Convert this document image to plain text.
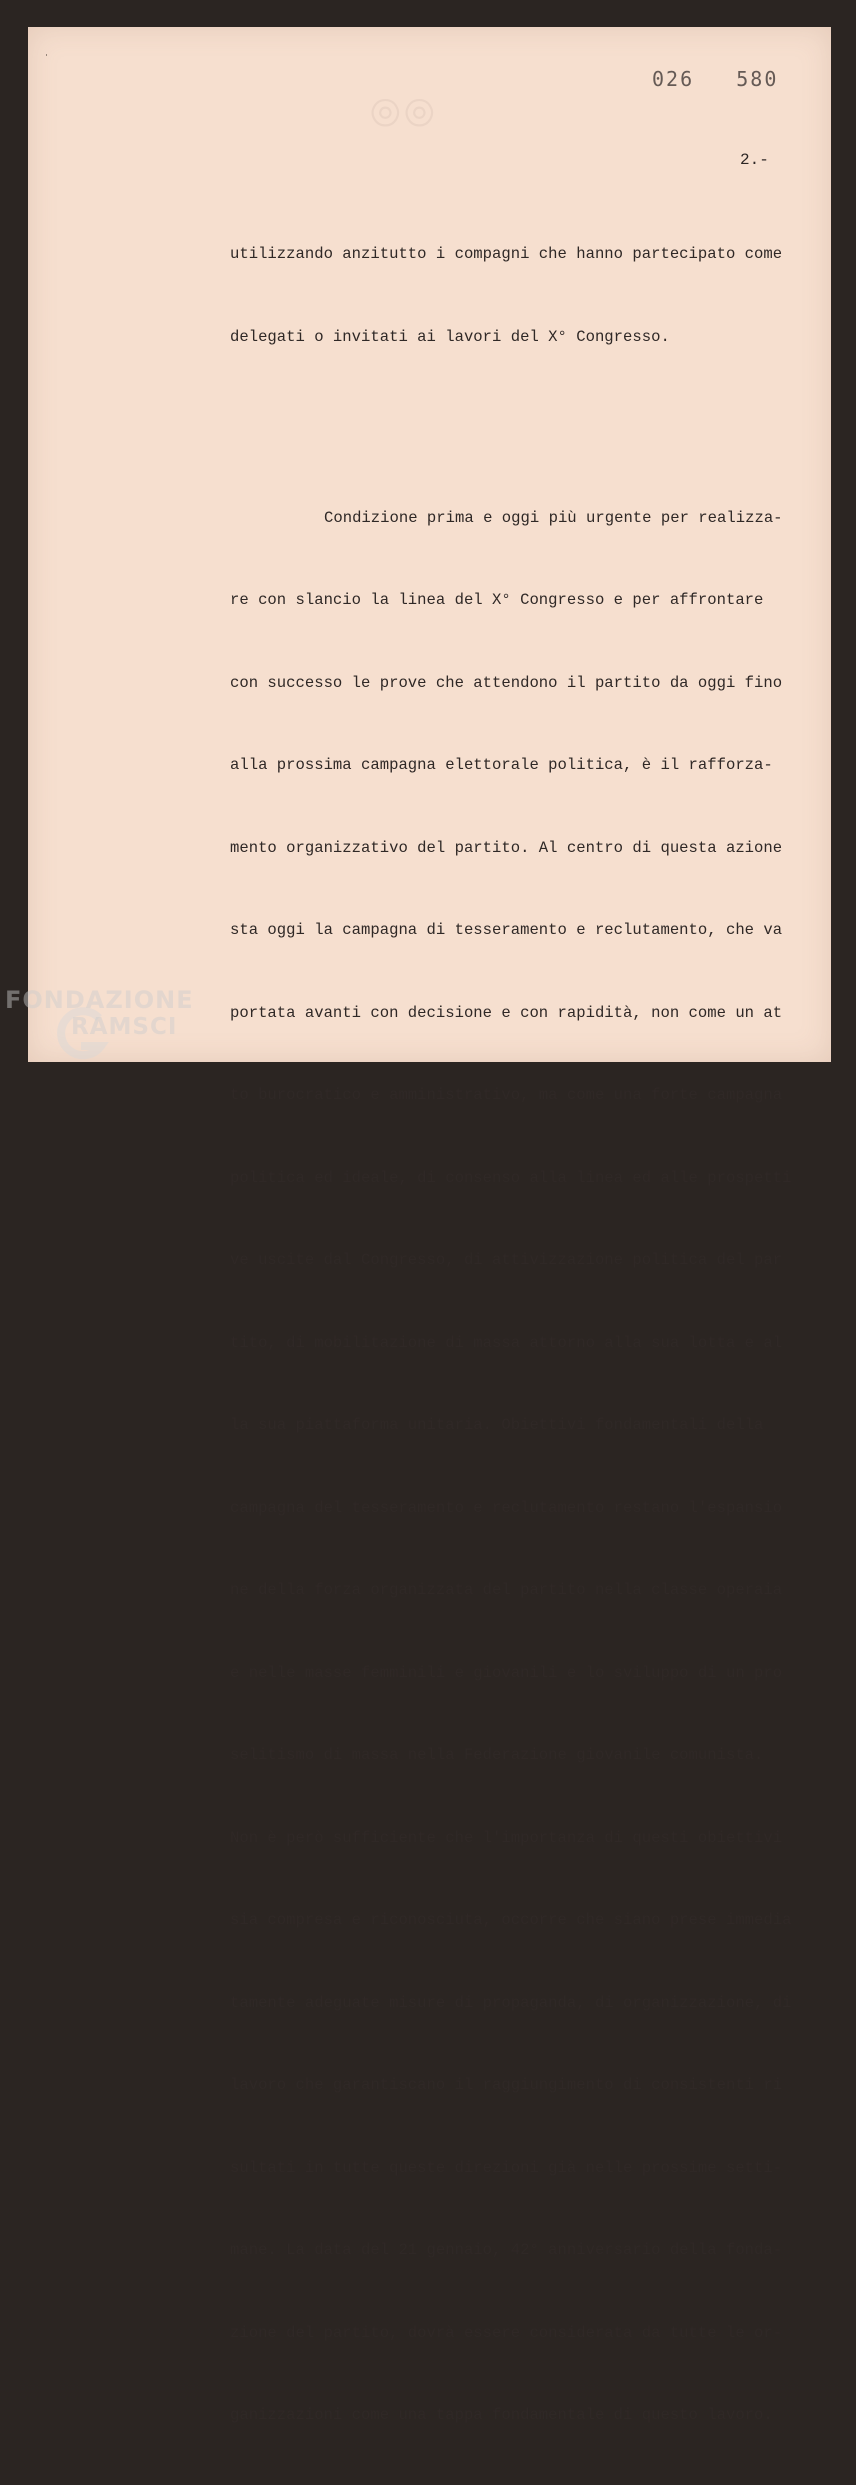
◎
◎
˙
026   580
2.-

utilizzando anzitutto i compagni che hanno partecipato come

delegati o invitati ai lavori del X° Congresso.

Condizione prima e oggi più urgente per realizza-

re con slancio la linea del X° Congresso e per affrontare

con successo le prove che attendono il partito da oggi fino

alla prossima campagna elettorale politica, è il rafforza-

mento organizzativo del partito. Al centro di questa azione

sta oggi la campagna di tesseramento e reclutamento, che va

portata avanti con decisione e con rapidità, non come un at

to burocratico e amministrativo, ma come una forte campagna

politica ed ideale, di consenso alla linea ed alle prospetti

ve uscite dal Congresso, di attivizzazione politica del par

tito, di mobilitazione di massa attorno alla sua lotta e al

la sua piattaforma unitaria. Obiettivi fondamentali della

campagna del tesseramento e reclutamento restano l'espansio

ne della forza organizzata del partito nella classe operaia

e nelle masse femminili e giovanili e lo sviluppo di un pro

selitismo di massa nella Federazione giovanile comunista.

Non è però sufficiente che l'importanza di questi obiettivi

sia compresa e riconosciuta, occorre che siano prese immedia

tamente adeguate misure di propaganda, di organizzazione, di

lavoro che garantiscano il raggiungimento di consistenti ri

sultati in tutte queste direzioni già nelle prossime setti-

mane. La data del 21 gennaio, 42° anniversario della fonda-

zione del partito, dovrà essere considerata da tutte le or-

ganizzazioni come una tappa fondamentale di questo lavoro.

FONDAZIONE
RAMSCI
